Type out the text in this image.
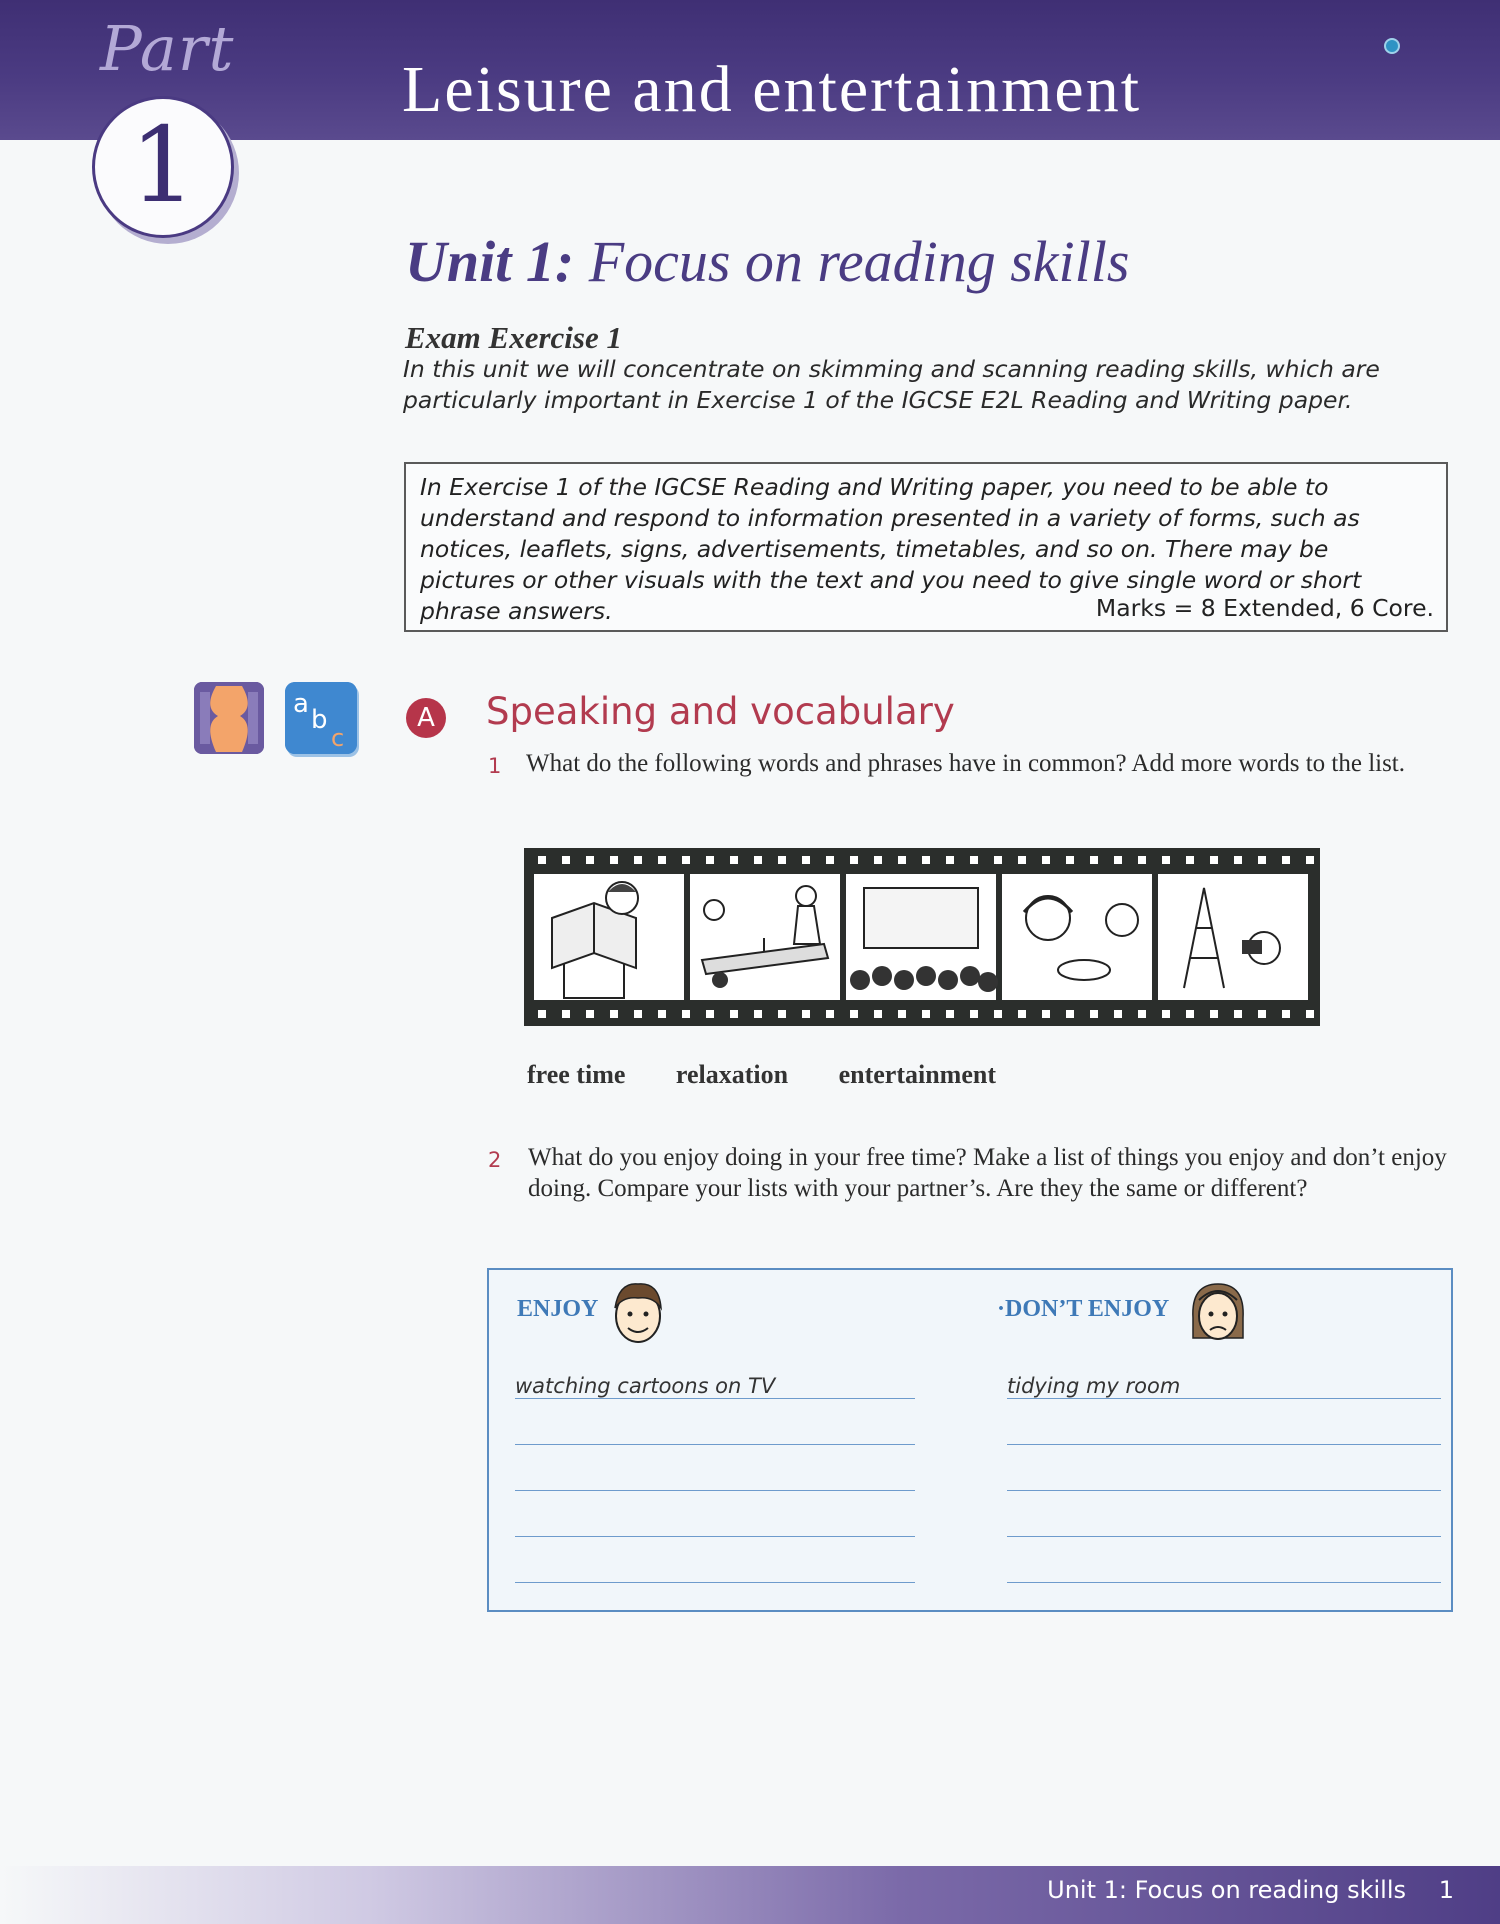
Part
Leisure and entertainment
1
Unit 1: Focus on reading skills
Exam Exercise 1
In this unit we will concentrate on skimming and scanning reading skills, which are particularly important in Exercise 1 of the IGCSE E2L Reading and Writing paper.
In Exercise 1 of the IGCSE Reading and Writing paper, you need to be able to understand and respond to information presented in a variety of forms, such as notices, leaflets, signs, advertisements, timetables, and so on. There may be pictures or other visuals with the text and you need to give single word or short phrase answers.	Marks = 8 Extended, 6 Core.
a
b
c
A	Speaking and vocabulary
1 What do the following words and phrases have in common? Add more words to the list.
free time relaxation entertainment
2 What do you enjoy doing in your free time? Make a list of things you enjoy and don’t enjoy doing. Compare your lists with your partner’s. Are they the same or different?
ENJOY	·DON’T ENJOY
watching cartoons on TV	tidying my room
Unit 1: Focus on reading skills 1
